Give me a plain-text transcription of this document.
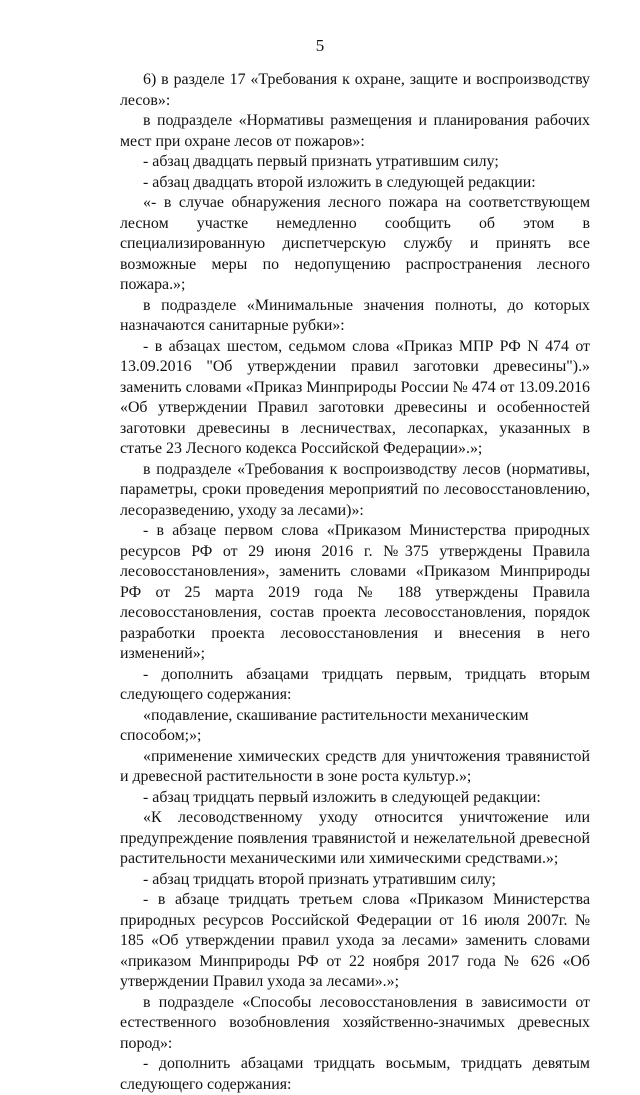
5

6) в разделе 17 «Требования к охране, защите и воспроизводству лесов»:

в подразделе «Нормативы размещения и планирования рабочих мест при охране лесов от пожаров»:

- абзац двадцать первый признать утратившим силу;

- абзац двадцать второй изложить в следующей редакции:

«- в случае обнаружения лесного пожара на соответствующем лесном участке немедленно сообщить об этом в специализированную диспетчерскую службу и принять все возможные меры по недопущению распространения лесного пожара.»;

в подразделе «Минимальные значения полноты, до которых назначаются санитарные рубки»:

- в абзацах шестом, седьмом слова «Приказ МПР РФ N 474 от 13.09.2016 "Об утверждении правил заготовки древесины").» заменить словами «Приказ Минприроды России № 474 от 13.09.2016 «Об утверждении Правил заготовки древесины и особенностей заготовки древесины в лесничествах, лесопарках, указанных в статье 23 Лесного кодекса Российской Федерации».»;

в подразделе «Требования к воспроизводству лесов (нормативы, параметры, сроки проведения мероприятий по лесовосстановлению, лесоразведению, уходу за лесами)»:

- в абзаце первом слова «Приказом Министерства природных ресурсов РФ от 29 июня 2016 г. №375 утверждены Правила лесовосстановления», заменить словами «Приказом Минприроды РФ от 25 марта 2019 года № 188 утверждены Правила лесовосстановления, состав проекта лесовосстановления, порядок разработки проекта лесовосстановления и внесения в него изменений»;

- дополнить абзацами тридцать первым, тридцать вторым следующего содержания:

«подавление, скашивание растительности механическим способом;»;

«применение химических средств для уничтожения травянистой и древесной растительности в зоне роста культур.»;

- абзац тридцать первый изложить в следующей редакции:

«К лесоводственному уходу относится уничтожение или предупреждение появления травянистой и нежелательной древесной растительности механическими или химическими средствами.»;

- абзац тридцать второй признать утратившим силу;

- в абзаце тридцать третьем слова «Приказом Министерства природных ресурсов Российской Федерации от 16 июля 2007г. № 185 «Об утверждении правил ухода за лесами» заменить словами «приказом Минприроды РФ от 22 ноября 2017 года № 626 «Об утверждении Правил ухода за лесами».»;

в подразделе «Способы лесовосстановления в зависимости от естественного возобновления хозяйственно-значимых древесных пород»:

- дополнить абзацами тридцать восьмым, тридцать девятым следующего содержания:
